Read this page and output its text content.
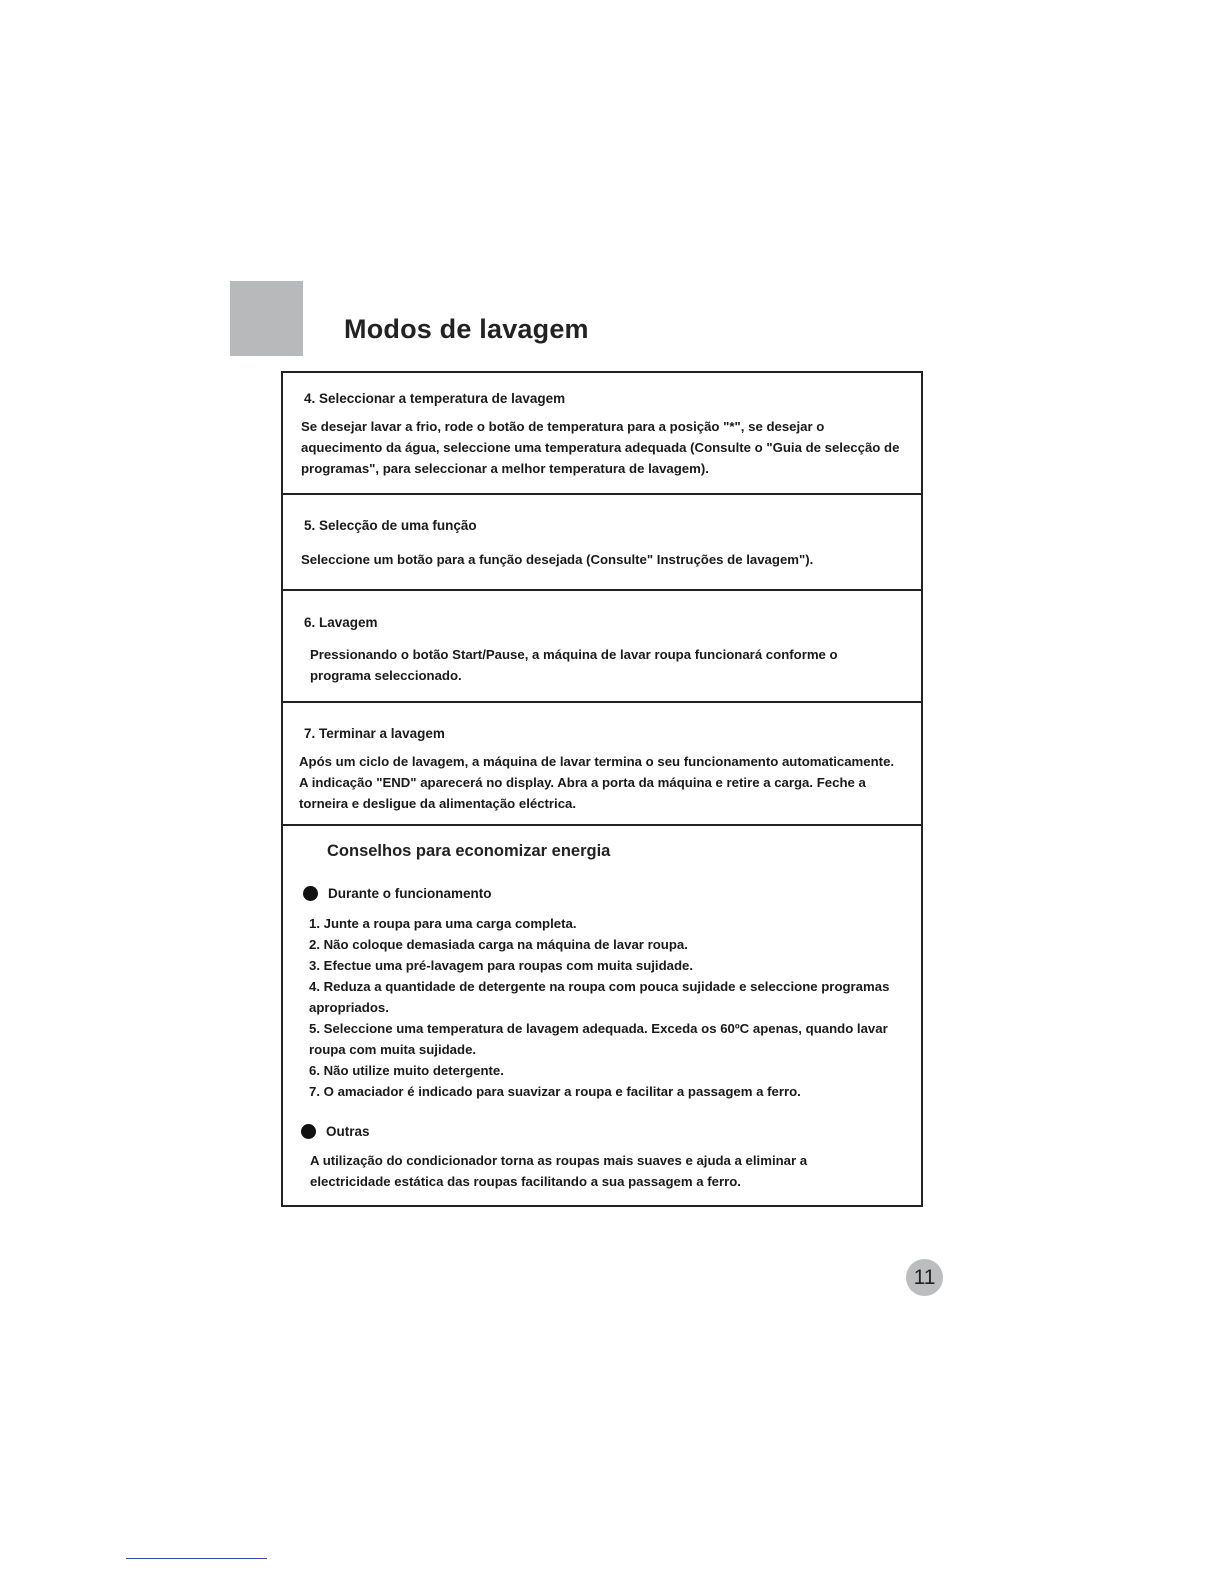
Modos de lavagem
4. Seleccionar a temperatura de lavagem

Se desejar lavar a frio, rode o botão de temperatura para a posição "*", se desejar o aquecimento da água, seleccione uma temperatura adequada (Consulte o "Guia de selecção de programas", para seleccionar a melhor temperatura de lavagem).

5. Selecção de uma função

Seleccione um botão para a função desejada (Consulte" Instruções de lavagem").

6. Lavagem

Pressionando o botão Start/Pause, a máquina de lavar roupa funcionará conforme o programa seleccionado.

7. Terminar a lavagem

Após um ciclo de lavagem, a máquina de lavar termina o seu funcionamento automaticamente. A indicação "END" aparecerá no display. Abra a porta da máquina e retire a carga. Feche a torneira e desligue da alimentação eléctrica.

Conselhos para economizar energia
Durante o funcionamento
1. Junte a roupa para uma carga completa.
2. Não coloque demasiada carga na máquina de lavar roupa.
3. Efectue uma pré-lavagem para roupas com muita sujidade.
4. Reduza a quantidade de detergente na roupa com pouca sujidade e seleccione programas apropriados.
5. Seleccione uma temperatura de lavagem adequada. Exceda os 60ºC apenas, quando lavar roupa com muita sujidade.
6. Não utilize muito detergente.
7. O amaciador é indicado para suavizar a roupa e facilitar a passagem a ferro.
Outras

A utilização do condicionador torna as roupas mais suaves e ajuda a eliminar a electricidade estática das roupas facilitando a sua passagem a ferro.

11
